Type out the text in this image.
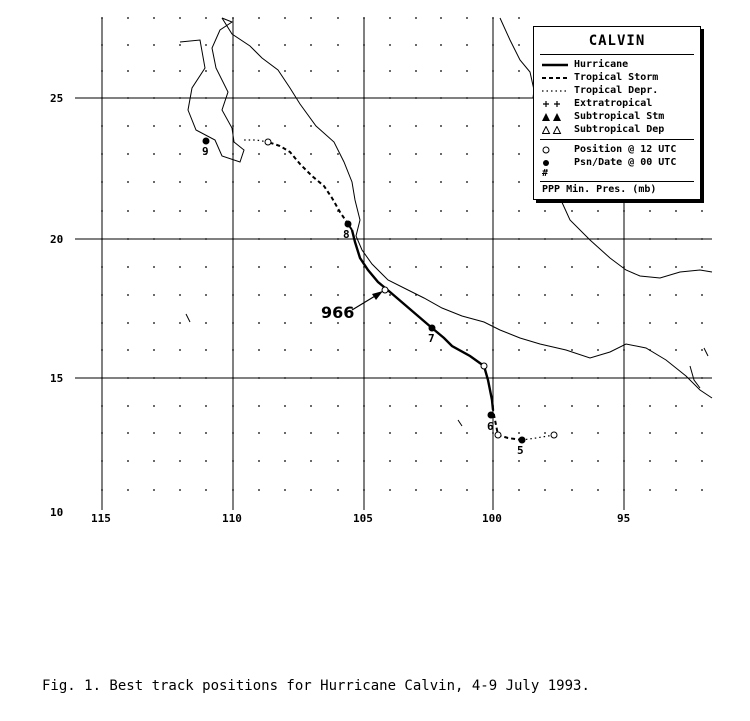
9
8
7
6
5
25
20
15
10	115	110	105	100	95
966
CALVIN
Hurricane
Tropical Storm
Tropical Depr.
Extratropical
Subtropical Stm
Subtropical Dep
Position @ 12 UTC
Psn/Date @ 00 UTC
#
PPP Min. Pres. (mb)
Fig. 1. Best track positions for Hurricane Calvin, 4-9 July 1993.
